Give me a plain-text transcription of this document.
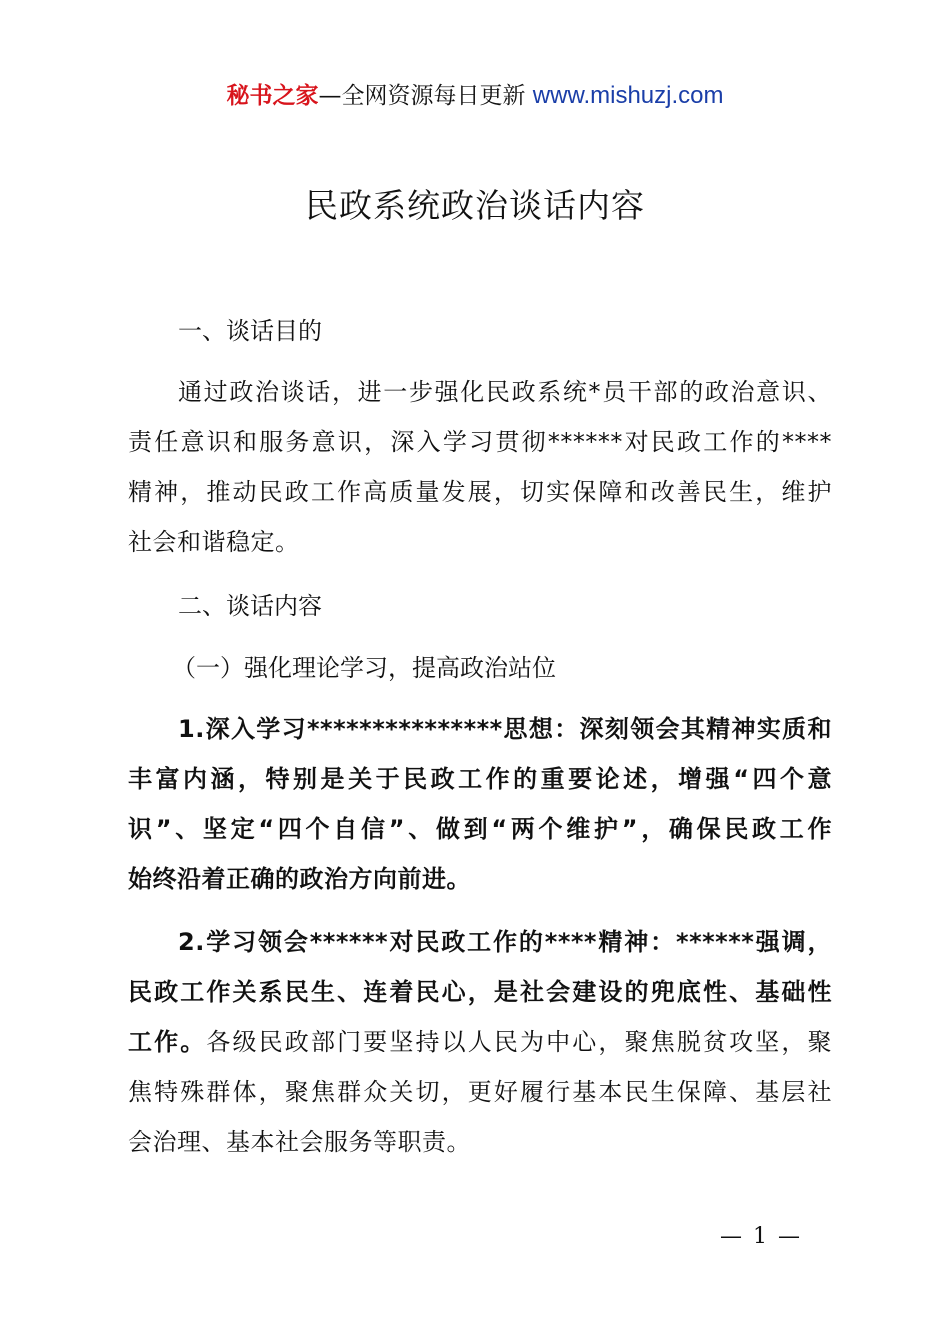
秘书之家—全网资源每日更新 www.mishuzj.com
民政系统政治谈话内容
一、谈话目的
通过政治谈话，进一步强化民政系统*员干部的政治意识、
责任意识和服务意识，深入学习贯彻******对民政工作的****
精神，推动民政工作高质量发展，切实保障和改善民生，维护
社会和谐稳定。
二、谈话内容
（一）强化理论学习，提高政治站位
1.深入学习***************思想：深刻领会其精神实质和
丰富内涵，特别是关于民政工作的重要论述，增强“四个意
识”、坚定“四个自信”、做到“两个维护”，确保民政工作
始终沿着正确的政治方向前进。
2.学习领会******对民政工作的****精神：******强调，
民政工作关系民生、连着民心，是社会建设的兜底性、基础性
工作。各级民政部门要坚持以人民为中心，聚焦脱贫攻坚，聚
焦特殊群体，聚焦群众关切，更好履行基本民生保障、基层社
会治理、基本社会服务等职责。
— 1 —
